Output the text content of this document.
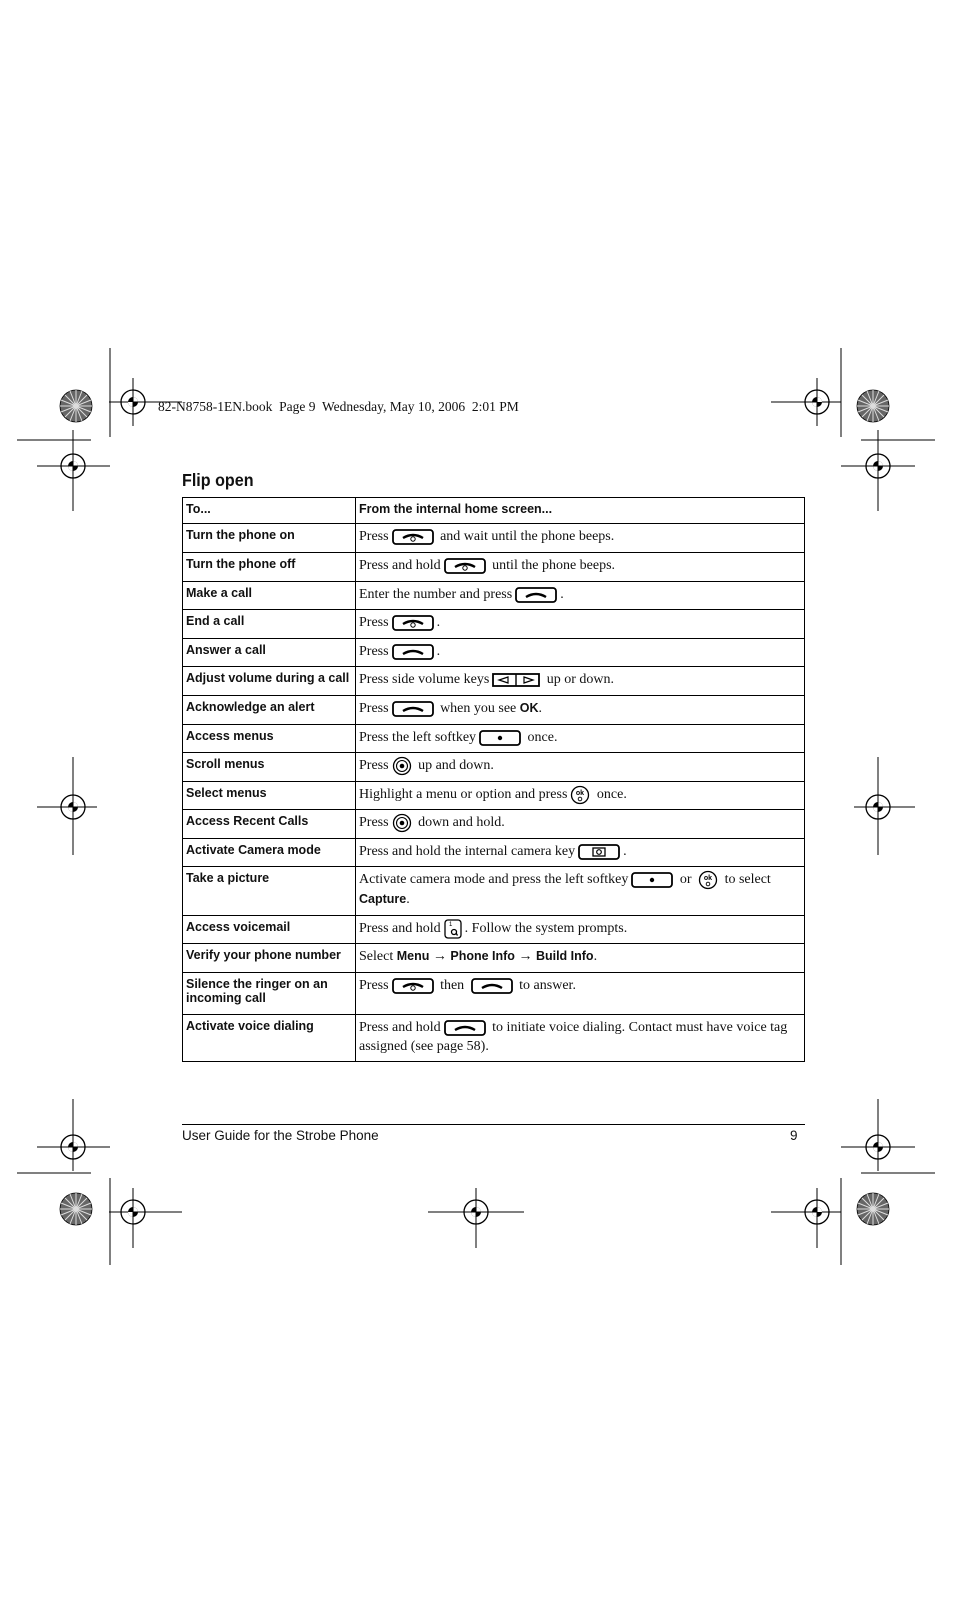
82-N8758-1EN.book  Page 9  Wednesday, May 10, 2006  2:01 PM
Flip open
To...	From the internal home screen...
Turn the phone on	Press and wait until the phone beeps.
Turn the phone off	Press and hold until the phone beeps.
Make a call	Enter the number and press .
End a call	Press .
Answer a call	Press .
Adjust volume during a call	Press side volume keys up or down.
Acknowledge an alert	Press when you see OK.
Access menus	Press the left softkey once.
Scroll menus	Press up and down.
Select menus	Highlight a menu or option and press ok once.
Access Recent Calls	Press down and hold.
Activate Camera mode	Press and hold the internal camera key .
Take a picture	Activate camera mode and press the left softkey or ok to select Capture.
Access voicemail	Press and hold 1 . Follow the system prompts.
Verify your phone number	Select Menu → Phone Info → Build Info.
Silence the ringer on an incoming call	Press then to answer.
Activate voice dialing	Press and hold to initiate voice dialing. Contact must have voice tag assigned (see page 58).
User Guide for the Strobe Phone	9
